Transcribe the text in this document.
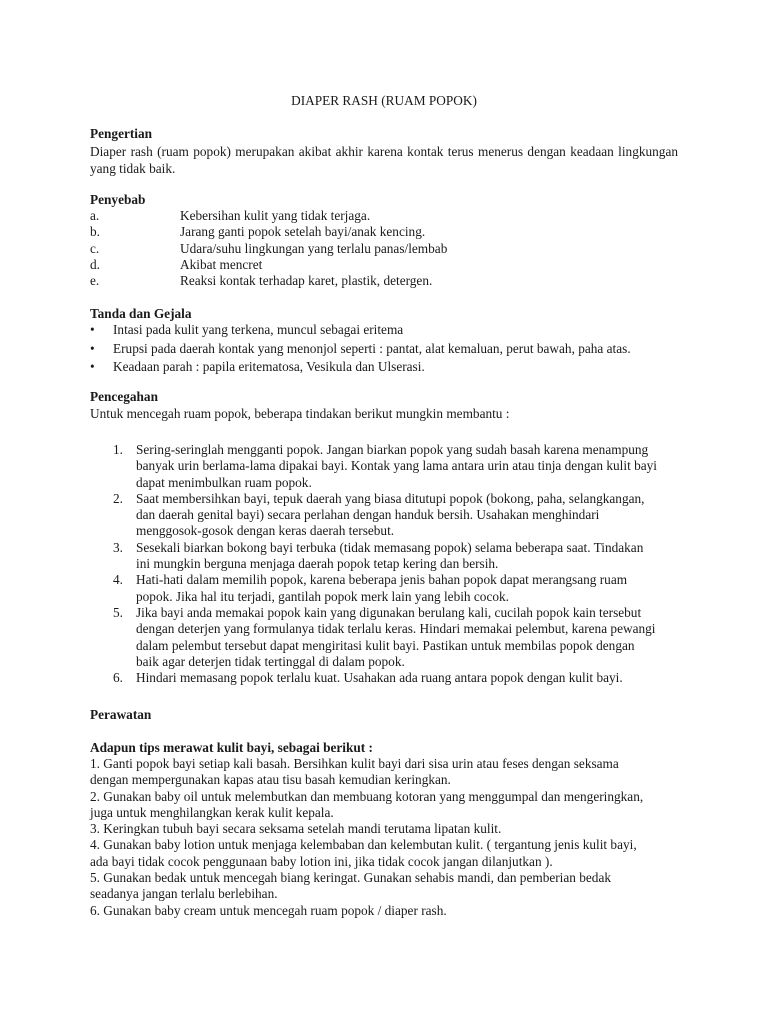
DIAPER RASH (RUAM POPOK)
Pengertian
Diaper rash (ruam popok) merupakan akibat akhir karena kontak terus menerus dengan keadaan lingkungan yang tidak baik.
Penyebab
a.	Kebersihan kulit yang tidak terjaga.
b.	Jarang ganti popok setelah bayi/anak kencing.
c.	Udara/suhu lingkungan yang terlalu panas/lembab
d.	Akibat mencret
e.	Reaksi kontak terhadap karet, plastik, detergen.
Tanda dan Gejala
• Intasi pada kulit yang terkena, muncul sebagai eritema
• Erupsi pada daerah kontak yang menonjol seperti : pantat, alat kemaluan, perut bawah, paha atas.
• Keadaan parah : papila eritematosa, Vesikula dan Ulserasi.
Pencegahan
Untuk mencegah ruam popok, beberapa tindakan berikut mungkin membantu :
1. Sering-seringlah mengganti popok. Jangan biarkan popok yang sudah basah karena menampung
banyak urin berlama-lama dipakai bayi. Kontak yang lama antara urin atau tinja dengan kulit bayi
dapat menimbulkan ruam popok.
2. Saat membersihkan bayi, tepuk daerah yang biasa ditutupi popok (bokong, paha, selangkangan,
dan daerah genital bayi) secara perlahan dengan handuk bersih. Usahakan menghindari
menggosok-gosok dengan keras daerah tersebut.
3. Sesekali biarkan bokong bayi terbuka (tidak memasang popok) selama beberapa saat. Tindakan
ini mungkin berguna menjaga daerah popok tetap kering dan bersih.
4. Hati-hati dalam memilih popok, karena beberapa jenis bahan popok dapat merangsang ruam
popok. Jika hal itu terjadi, gantilah popok merk lain yang lebih cocok.
5. Jika bayi anda memakai popok kain yang digunakan berulang kali, cucilah popok kain tersebut
dengan deterjen yang formulanya tidak terlalu keras. Hindari memakai pelembut, karena pewangi
dalam pelembut tersebut dapat mengiritasi kulit bayi. Pastikan untuk membilas popok dengan
baik agar deterjen tidak tertinggal di dalam popok.
6. Hindari memasang popok terlalu kuat. Usahakan ada ruang antara popok dengan kulit bayi.
Perawatan
Adapun tips merawat kulit bayi, sebagai berikut :
1. Ganti popok bayi setiap kali basah. Bersihkan kulit bayi dari sisa urin atau feses dengan seksama
dengan mempergunakan kapas atau tisu basah kemudian keringkan.
2. Gunakan baby oil untuk melembutkan dan membuang kotoran yang menggumpal dan mengeringkan,
juga untuk menghilangkan kerak kulit kepala.
3. Keringkan tubuh bayi secara seksama setelah mandi terutama lipatan kulit.
4. Gunakan baby lotion untuk menjaga kelembaban dan kelembutan kulit. ( tergantung jenis kulit bayi,
ada bayi tidak cocok penggunaan baby lotion ini, jika tidak cocok jangan dilanjutkan ).
5. Gunakan bedak untuk mencegah biang keringat. Gunakan sehabis mandi, dan pemberian bedak
seadanya jangan terlalu berlebihan.
6. Gunakan baby cream untuk mencegah ruam popok / diaper rash.
